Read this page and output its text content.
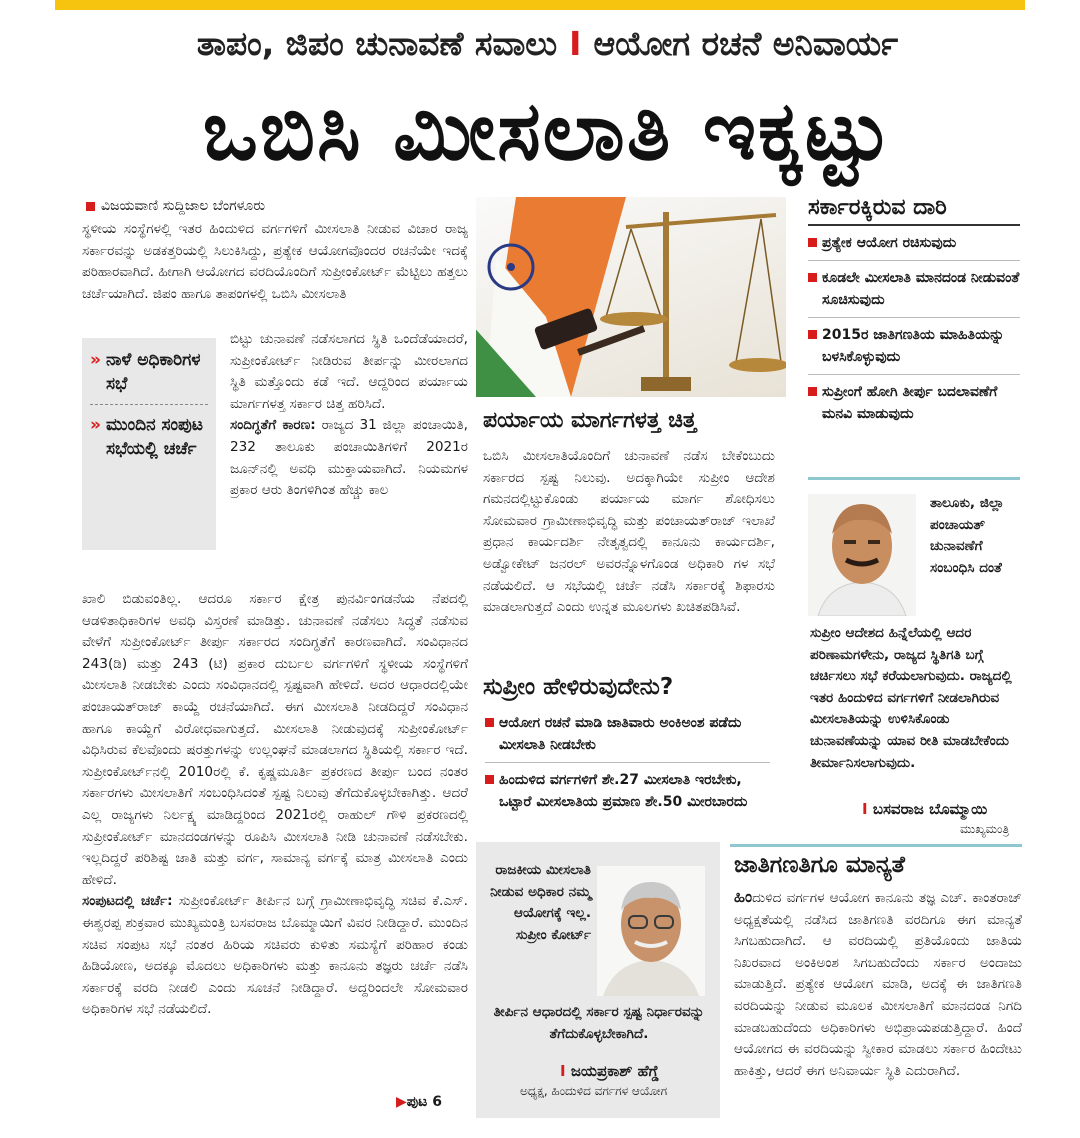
ತಾಪಂ, ಜಿಪಂ ಚುನಾವಣೆ ಸವಾಲು I ಆಯೋಗ ರಚನೆ ಅನಿವಾರ್ಯ
ಒಬಿಸಿ ಮೀಸಲಾತಿ ಇಕ್ಕಟ್ಟು
ವಿಜಯವಾಣಿ ಸುದ್ದಿಜಾಲ ಬೆಂಗಳೂರು

ಸ್ಥಳೀಯ ಸಂಸ್ಥೆಗಳಲ್ಲಿ ಇತರ ಹಿಂದುಳಿದ ವರ್ಗಗಳಿಗೆ ಮೀಸಲಾತಿ ನೀಡುವ ವಿಚಾರ ರಾಜ್ಯ ಸರ್ಕಾರವನ್ನು ಅಡಕತ್ತರಿಯಲ್ಲಿ ಸಿಲುಕಿಸಿದ್ದು, ಪ್ರತ್ಯೇಕ ಆಯೋಗವೊಂದರ ರಚನೆಯೇ ಇದಕ್ಕೆ ಪರಿಹಾರವಾಗಿದೆ. ಹೀಗಾಗಿ ಆಯೋಗದ ವರದಿಯೊಂದಿಗೆ ಸುಪ್ರೀಂಕೋರ್ಟ್ ಮೆಟ್ಟಿಲು ಹತ್ತಲು ಚರ್ಚೆಯಾಗಿದೆ. ಜಿಪಂ ಹಾಗೂ ತಾಪಂಗಳಲ್ಲಿ ಒಬಿಸಿ ಮೀಸಲಾತಿ

» ನಾಳೆ ಅಧಿಕಾರಿಗಳ ಸಭೆ
» ಮುಂದಿನ ಸಂಪುಟ ಸಭೆಯಲ್ಲಿ ಚರ್ಚೆ

ಬಿಟ್ಟು ಚುನಾವಣೆ ನಡೆಸಲಾಗದ ಸ್ಥಿತಿ ಒಂದೆಡೆಯಾದರೆ, ಸುಪ್ರೀಂಕೋರ್ಟ್ ನೀಡಿರುವ ತೀರ್ಪನ್ನು ಮೀರಲಾಗದ ಸ್ಥಿತಿ ಮತ್ತೊಂದು ಕಡೆ ಇದೆ. ಆದ್ದರಿಂದ ಪರ್ಯಾಯ ಮಾರ್ಗಗಳತ್ತ ಸರ್ಕಾರ ಚಿತ್ತ ಹರಿಸಿದೆ.

ಸಂದಿಗ್ಧತೆಗೆ ಕಾರಣ: ರಾಜ್ಯದ 31 ಜಿಲ್ಲಾ ಪಂಚಾಯಿತಿ, 232 ತಾಲೂಕು ಪಂಚಾಯಿತಿಗಳಿಗೆ 2021ರ ಜೂನ್‌ನಲ್ಲಿ ಅವಧಿ ಮುಕ್ತಾಯವಾಗಿದೆ. ನಿಯಮಗಳ ಪ್ರಕಾರ ಆರು ತಿಂಗಳಿಗಿಂತ ಹೆಚ್ಚು ಕಾಲ

ಖಾಲಿ ಬಿಡುವಂತಿಲ್ಲ. ಆದರೂ ಸರ್ಕಾರ ಕ್ಷೇತ್ರ ಪುನರ್ವಿಂಗಡನೆಯ ನೆಪದಲ್ಲಿ ಆಡಳಿತಾಧಿಕಾರಿಗಳ ಅವಧಿ ವಿಸ್ತರಣೆ ಮಾಡಿತ್ತು. ಚುನಾವಣೆ ನಡೆಸಲು ಸಿದ್ಧತೆ ನಡೆಸುವ ವೇಳೆಗೆ ಸುಪ್ರೀಂಕೋರ್ಟ್ ತೀರ್ಪು ಸರ್ಕಾರದ ಸಂದಿಗ್ಧತೆಗೆ ಕಾರಣವಾಗಿದೆ. ಸಂವಿಧಾನದ 243(ಡಿ) ಮತ್ತು 243 (ಟಿ) ಪ್ರಕಾರ ದುರ್ಬಲ ವರ್ಗಗಳಿಗೆ ಸ್ಥಳೀಯ ಸಂಸ್ಥೆಗಳಿಗೆ ಮೀಸಲಾತಿ ನೀಡಬೇಕು ಎಂದು ಸಂವಿಧಾನದಲ್ಲಿ ಸ್ಪಷ್ಟವಾಗಿ ಹೇಳಿದೆ. ಅದರ ಆಧಾರದಲ್ಲಿಯೇ ಪಂಚಾಯತ್‌ರಾಜ್ ಕಾಯ್ದೆ ರಚನೆಯಾಗಿದೆ. ಈಗ ಮೀಸಲಾತಿ ನೀಡದಿದ್ದರೆ ಸಂವಿಧಾನ ಹಾಗೂ ಕಾಯ್ದೆಗೆ ವಿರೋಧವಾಗುತ್ತದೆ. ಮೀಸಲಾತಿ ನೀಡುವುದಕ್ಕೆ ಸುಪ್ರೀಂಕೋರ್ಟ್ ವಿಧಿಸಿರುವ ಕೆಲವೊಂದು ಷರತ್ತುಗಳನ್ನು ಉಲ್ಲಂಘನೆ ಮಾಡಲಾಗದ ಸ್ಥಿತಿಯಲ್ಲಿ ಸರ್ಕಾರ ಇದೆ. ಸುಪ್ರೀಂಕೋರ್ಟ್‌ನಲ್ಲಿ 2010ರಲ್ಲಿ ಕೆ. ಕೃಷ್ಣಮೂರ್ತಿ ಪ್ರಕರಣದ ತೀರ್ಪು ಬಂದ ನಂತರ ಸರ್ಕಾರಗಳು ಮೀಸಲಾತಿಗೆ ಸಂಬಂಧಿಸಿದಂತೆ ಸ್ಪಷ್ಟ ನಿಲುವು ತೆಗೆದುಕೊಳ್ಳಬೇಕಾಗಿತ್ತು. ಆದರೆ ಎಲ್ಲ ರಾಜ್ಯಗಳು ನಿರ್ಲಕ್ಷ್ಯ ಮಾಡಿದ್ದರಿಂದ 2021ರಲ್ಲಿ ರಾಹುಲ್ ಗೌಳಿ ಪ್ರಕರಣದಲ್ಲಿ ಸುಪ್ರೀಂಕೋರ್ಟ್ ಮಾನದಂಡಗಳನ್ನು ರೂಪಿಸಿ ಮೀಸಲಾತಿ ನೀಡಿ ಚುನಾವಣೆ ನಡೆಸಬೇಕು. ಇಲ್ಲದಿದ್ದರೆ ಪರಿಶಿಷ್ಟ ಜಾತಿ ಮತ್ತು ವರ್ಗ, ಸಾಮಾನ್ಯ ವರ್ಗಕ್ಕೆ ಮಾತ್ರ ಮೀಸಲಾತಿ ಎಂದು ಹೇಳಿದೆ.

ಸಂಪುಟದಲ್ಲಿ ಚರ್ಚೆ: ಸುಪ್ರೀಂಕೋರ್ಟ್ ತೀರ್ಪಿನ ಬಗ್ಗೆ ಗ್ರಾಮೀಣಾಭಿವೃದ್ಧಿ ಸಚಿವ ಕೆ.ಎಸ್. ಈಶ್ವರಪ್ಪ ಶುಕ್ರವಾರ ಮುಖ್ಯಮಂತ್ರಿ ಬಸವರಾಜ ಬೊಮ್ಮಾಯಿಗೆ ವಿವರ ನೀಡಿದ್ದಾರೆ. ಮುಂದಿನ ಸಚಿವ ಸಂಪುಟ ಸಭೆ ನಂತರ ಹಿರಿಯ ಸಚಿವರು ಕುಳಿತು ಸಮಸ್ಯೆಗೆ ಪರಿಹಾರ ಕಂಡು ಹಿಡಿಯೋಣ, ಅದಕ್ಕೂ ಮೊದಲು ಅಧಿಕಾರಿಗಳು ಮತ್ತು ಕಾನೂನು ತಜ್ಞರು ಚರ್ಚೆ ನಡೆಸಿ ಸರ್ಕಾರಕ್ಕೆ ವರದಿ ನೀಡಲಿ ಎಂದು ಸೂಚನೆ ನೀಡಿದ್ದಾರೆ. ಅದ್ದರಿಂದಲೇ ಸೋಮವಾರ ಅಧಿಕಾರಿಗಳ ಸಭೆ ನಡೆಯಲಿದೆ.

▶ಪುಟ 6
ಪರ್ಯಾಯ ಮಾರ್ಗಗಳತ್ತ ಚಿತ್ತ

ಒಬಿಸಿ ಮೀಸಲಾತಿಯೊಂದಿಗೆ ಚುನಾವಣೆ ನಡೆಸ ಬೇಕೆಂಬುದು ಸರ್ಕಾರದ ಸ್ಪಷ್ಟ ನಿಲುವು. ಅದಕ್ಕಾಗಿಯೇ ಸುಪ್ರೀಂ ಆದೇಶ ಗಮನದಲ್ಲಿಟ್ಟುಕೊಂಡು ಪರ್ಯಾಯ ಮಾರ್ಗ ಶೋಧಿಸಲು ಸೋಮವಾರ ಗ್ರಾಮೀಣಾಭಿವೃದ್ಧಿ ಮತ್ತು ಪಂಚಾಯತ್‌ರಾಜ್ ಇಲಾಖೆ ಪ್ರಧಾನ ಕಾರ್ಯದರ್ಶಿ ನೇತೃತ್ವದಲ್ಲಿ ಕಾನೂನು ಕಾರ್ಯದರ್ಶಿ, ಅಡ್ವೋಕೇಟ್ ಜನರಲ್ ಅವರನ್ನೊಳಗೊಂಡ ಅಧಿಕಾರಿ ಗಳ ಸಭೆ ನಡೆಯಲಿದೆ. ಆ ಸಭೆಯಲ್ಲಿ ಚರ್ಚೆ ನಡೆಸಿ ಸರ್ಕಾರಕ್ಕೆ ಶಿಫಾರಸು ಮಾಡಲಾಗುತ್ತದೆ ಎಂದು ಉನ್ನತ ಮೂಲಗಳು ಖಚಿತಪಡಿಸಿವೆ.

ಸುಪ್ರೀಂ ಹೇಳಿರುವುದೇನು?
ಆಯೋಗ ರಚನೆ ಮಾಡಿ ಜಾತಿವಾರು ಅಂಕಿಅಂಶ ಪಡೆದು ಮೀಸಲಾತಿ ನೀಡಬೇಕು
ಹಿಂದುಳಿದ ವರ್ಗಗಳಿಗೆ ಶೇ.27 ಮೀಸಲಾತಿ ಇರಬೇಕು, ಒಟ್ಟಾರೆ ಮೀಸಲಾತಿಯ ಪ್ರಮಾಣ ಶೇ.50 ಮೀರಬಾರದು
ಸರ್ಕಾರಕ್ಕಿರುವ ದಾರಿ
ಪ್ರತ್ಯೇಕ ಆಯೋಗ ರಚಿಸುವುದು
ಕೂಡಲೇ ಮೀಸಲಾತಿ ಮಾನದಂಡ ನೀಡುವಂತೆ ಸೂಚಿಸುವುದು
2015ರ ಜಾತಿಗಣತಿಯ ಮಾಹಿತಿಯನ್ನು ಬಳಸಿಕೊಳ್ಳುವುದು
ಸುಪ್ರೀಂಗೆ ಹೋಗಿ ತೀರ್ಪು ಬದಲಾವಣೆಗೆ ಮನವಿ ಮಾಡುವುದು
ತಾಲೂಕು, ಜಿಲ್ಲಾ ಪಂಚಾಯತ್ ಚುನಾವಣೆಗೆ ಸಂಬಂಧಿಸಿ ದಂತೆ
ಸುಪ್ರೀಂ ಆದೇಶದ ಹಿನ್ನೆಲೆಯಲ್ಲಿ ಆದರ ಪರಿಣಾಮಗಳೇನು, ರಾಜ್ಯದ ಸ್ಥಿತಿಗತಿ ಬಗ್ಗೆ ಚರ್ಚಿಸಲು ಸಭೆ ಕರೆಯಲಾಗುವುದು. ರಾಜ್ಯದಲ್ಲಿ ಇತರ ಹಿಂದುಳಿದ ವರ್ಗಗಳಿಗೆ ನೀಡಲಾಗಿರುವ ಮೀಸಲಾತಿಯನ್ನು ಉಳಿಸಿಕೊಂಡು ಚುನಾವಣೆಯನ್ನು ಯಾವ ರೀತಿ ಮಾಡಬೇಕೆಂದು ತೀರ್ಮಾನಿಸಲಾಗುವುದು.
I ಬಸವರಾಜ ಬೊಮ್ಮಾಯಿ
ಮುಖ್ಯಮಂತ್ರಿ
ರಾಜಕೀಯ ಮೀಸಲಾತಿ ನೀಡುವ ಅಧಿಕಾರ ನಮ್ಮ ಆಯೋಗಕ್ಕೆ ಇಲ್ಲ. ಸುಪ್ರೀಂ ಕೋರ್ಟ್
ತೀರ್ಪಿನ ಆಧಾರದಲ್ಲಿ ಸರ್ಕಾರ ಸ್ಪಷ್ಟ ನಿರ್ಧಾರವನ್ನು ತೆಗೆದುಕೊಳ್ಳಬೇಕಾಗಿದೆ.
I ಜಯಪ್ರಕಾಶ್ ಹೆಗ್ಡೆ
ಅಧ್ಯಕ್ಷ, ಹಿಂದುಳಿದ ವರ್ಗಗಳ ಆಯೋಗ
ಜಾತಿಗಣತಿಗೂ ಮಾನ್ಯತೆ

ಹಿಂದುಳಿದ ವರ್ಗಗಳ ಆಯೋಗ ಕಾನೂನು ತಜ್ಞ ಎಚ್. ಕಾಂತರಾಜ್ ಅಧ್ಯಕ್ಷತೆಯಲ್ಲಿ ನಡೆಸಿದ ಜಾತಿಗಣತಿ ವರದಿಗೂ ಈಗ ಮಾನ್ಯತೆ ಸಿಗಬಹುದಾಗಿದೆ. ಆ ವರದಿಯಲ್ಲಿ ಪ್ರತಿಯೊಂದು ಜಾತಿಯ ನಿಖರವಾದ ಅಂಕಿಅಂಶ ಸಿಗಬಹುದೆಂದು ಸರ್ಕಾರ ಅಂದಾಜು ಮಾಡುತ್ತಿದೆ. ಪ್ರತ್ಯೇಕ ಆಯೋಗ ಮಾಡಿ, ಅದಕ್ಕೆ ಈ ಜಾತಿಗಣತಿ ವರದಿಯನ್ನು ನೀಡುವ ಮೂಲಕ ಮೀಸಲಾತಿಗೆ ಮಾನದಂಡ ನಿಗದಿ ಮಾಡಬಹುದೆಂದು ಅಧಿಕಾರಿಗಳು ಅಭಿಪ್ರಾಯಪಡುತ್ತಿದ್ದಾರೆ. ಹಿಂದೆ ಆಯೋಗದ ಈ ವರದಿಯನ್ನು ಸ್ವೀಕಾರ ಮಾಡಲು ಸರ್ಕಾರ ಹಿಂದೇಟು ಹಾಕಿತ್ತು, ಆದರೆ ಈಗ ಅನಿವಾರ್ಯ ಸ್ಥಿತಿ ಎದುರಾಗಿದೆ.
